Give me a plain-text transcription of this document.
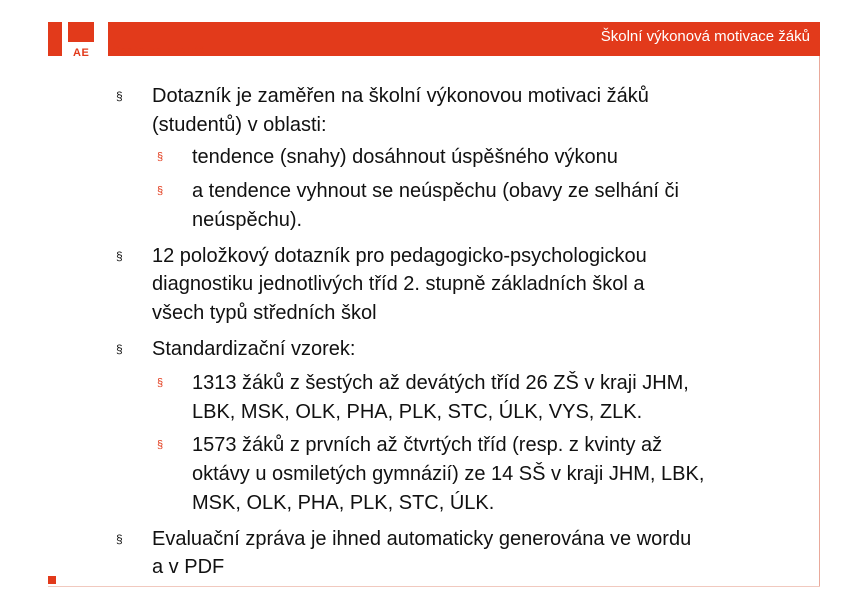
AE	Cesta ke kvalitě
Školní výkonová motivace žáků
§ Dotazník je zaměřen na školní výkonovou motivaci žáků
(studentů) v oblasti:
§ tendence (snahy) dosáhnout úspěšného výkonu
§ a tendence vyhnout se neúspěchu (obavy ze selhání či
neúspěchu).
§ 12 položkový dotazník pro pedagogicko-psychologickou
diagnostiku jednotlivých tříd 2. stupně základních škol a
všech typů středních škol
§ Standardizační vzorek:
§ 1313 žáků z šestých až devátých tříd 26 ZŠ v kraji JHM,
LBK, MSK, OLK, PHA, PLK, STC, ÚLK, VYS, ZLK.
§ 1573 žáků z prvních až čtvrtých tříd (resp. z kvinty až
oktávy u osmiletých gymnázií) ze 14 SŠ v kraji JHM, LBK,
MSK, OLK, PHA, PLK, STC, ÚLK.
§ Evaluační zpráva je ihned automaticky generována ve wordu
a v PDF
